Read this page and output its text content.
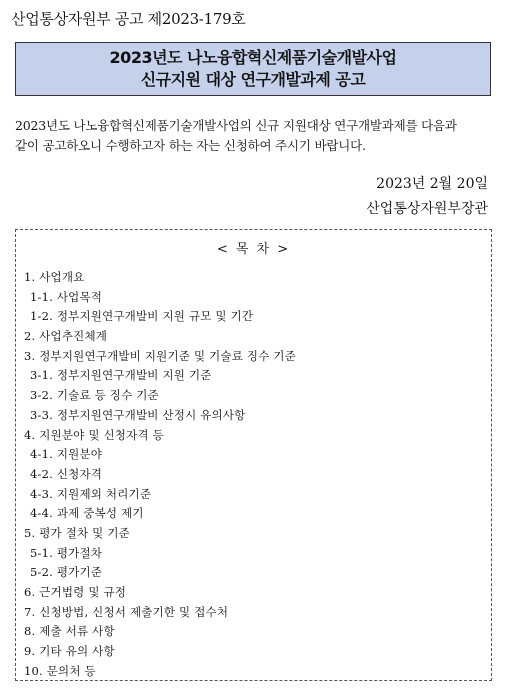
산업통상자원부 공고 제2023-179호
2023년도 나노융합혁신제품기술개발사업
신규지원 대상 연구개발과제 공고
2023년도 나노융합혁신제품기술개발사업의 신규 지원대상 연구개발과제를 다음과
같이 공고하오니 수행하고자 하는 자는 신청하여 주시기 바랍니다.
2023년 2월 20일
산업통상자원부장관
< 목 차 >
1. 사업개요
1-1. 사업목적
1-2. 정부지원연구개발비 지원 규모 및 기간
2. 사업추진체계
3. 정부지원연구개발비 지원기준 및 기술료 징수 기준
3-1. 정부지원연구개발비 지원 기준
3-2. 기술료 등 징수 기준
3-3. 정부지원연구개발비 산정시 유의사항
4. 지원분야 및 신청자격 등
4-1. 지원분야
4-2. 신청자격
4-3. 지원제외 처리기준
4-4. 과제 중복성 제기
5. 평가 절차 및 기준
5-1. 평가절차
5-2. 평가기준
6. 근거법령 및 규정
7. 신청방법, 신청서 제출기한 및 접수처
8. 제출 서류 사항
9. 기타 유의 사항
10. 문의처 등
